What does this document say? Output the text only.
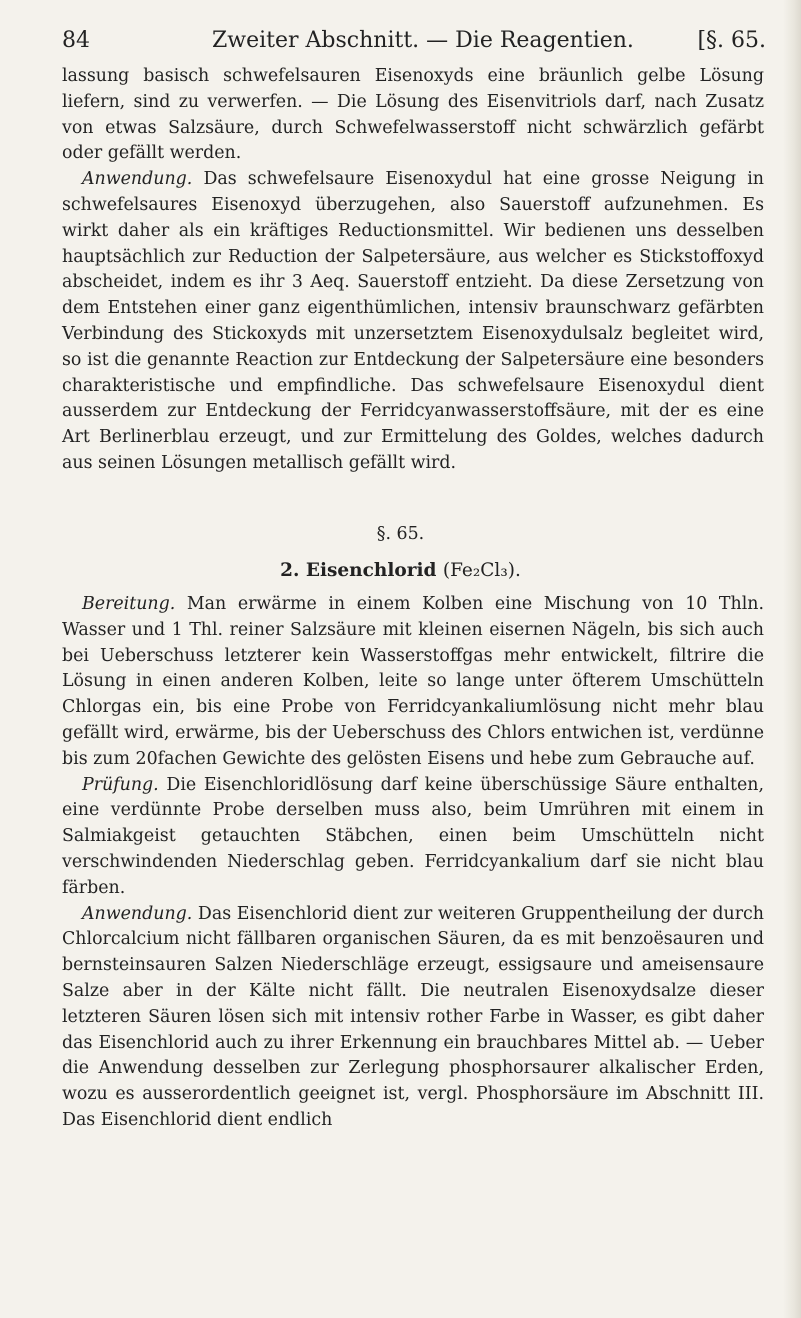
84	Zweiter Abschnitt. — Die Reagentien.	[§. 65.

lassung basisch schwefelsauren Eisenoxyds eine bräunlich gelbe Lösung liefern, sind zu verwerfen. — Die Lösung des Eisenvitriols darf, nach Zusatz von etwas Salzsäure, durch Schwefelwasserstoff nicht schwärzlich gefärbt oder gefällt werden.

Anwendung. Das schwefelsaure Eisenoxydul hat eine grosse Neigung in schwefelsaures Eisenoxyd überzugehen, also Sauerstoff aufzunehmen. Es wirkt daher als ein kräftiges Reductionsmittel. Wir bedienen uns desselben hauptsächlich zur Reduction der Salpetersäure, aus welcher es Stickstoffoxyd abscheidet, indem es ihr 3 Aeq. Sauerstoff entzieht. Da diese Zersetzung von dem Entstehen einer ganz eigenthümlichen, intensiv braunschwarz gefärbten Verbindung des Stickoxyds mit unzersetztem Eisenoxydulsalz begleitet wird, so ist die genannte Reaction zur Entdeckung der Salpetersäure eine besonders charakteristische und empfindliche. Das schwefelsaure Eisenoxydul dient ausserdem zur Entdeckung der Ferridcyanwasserstoffsäure, mit der es eine Art Berlinerblau erzeugt, und zur Ermittelung des Goldes, welches dadurch aus seinen Lösungen metallisch gefällt wird.

§. 65.
2. Eisenchlorid (Fe₂Cl₃).

Bereitung. Man erwärme in einem Kolben eine Mischung von 10 Thln. Wasser und 1 Thl. reiner Salzsäure mit kleinen eisernen Nägeln, bis sich auch bei Ueberschuss letzterer kein Wasserstoffgas mehr entwickelt, filtrire die Lösung in einen anderen Kolben, leite so lange unter öfterem Umschütteln Chlorgas ein, bis eine Probe von Ferridcyankaliumlösung nicht mehr blau gefällt wird, erwärme, bis der Ueberschuss des Chlors entwichen ist, verdünne bis zum 20fachen Gewichte des gelösten Eisens und hebe zum Gebrauche auf.

Prüfung. Die Eisenchloridlösung darf keine überschüssige Säure enthalten, eine verdünnte Probe derselben muss also, beim Umrühren mit einem in Salmiakgeist getauchten Stäbchen, einen beim Umschütteln nicht verschwindenden Niederschlag geben. Ferridcyankalium darf sie nicht blau färben.

Anwendung. Das Eisenchlorid dient zur weiteren Gruppentheilung der durch Chlorcalcium nicht fällbaren organischen Säuren, da es mit benzoësauren und bernsteinsauren Salzen Niederschläge erzeugt, essigsaure und ameisensaure Salze aber in der Kälte nicht fällt. Die neutralen Eisenoxydsalze dieser letzteren Säuren lösen sich mit intensiv rother Farbe in Wasser, es gibt daher das Eisenchlorid auch zu ihrer Erkennung ein brauchbares Mittel ab. — Ueber die Anwendung desselben zur Zerlegung phosphorsaurer alkalischer Erden, wozu es ausserordentlich geeignet ist, vergl. Phosphorsäure im Abschnitt III. Das Eisenchlorid dient endlich
